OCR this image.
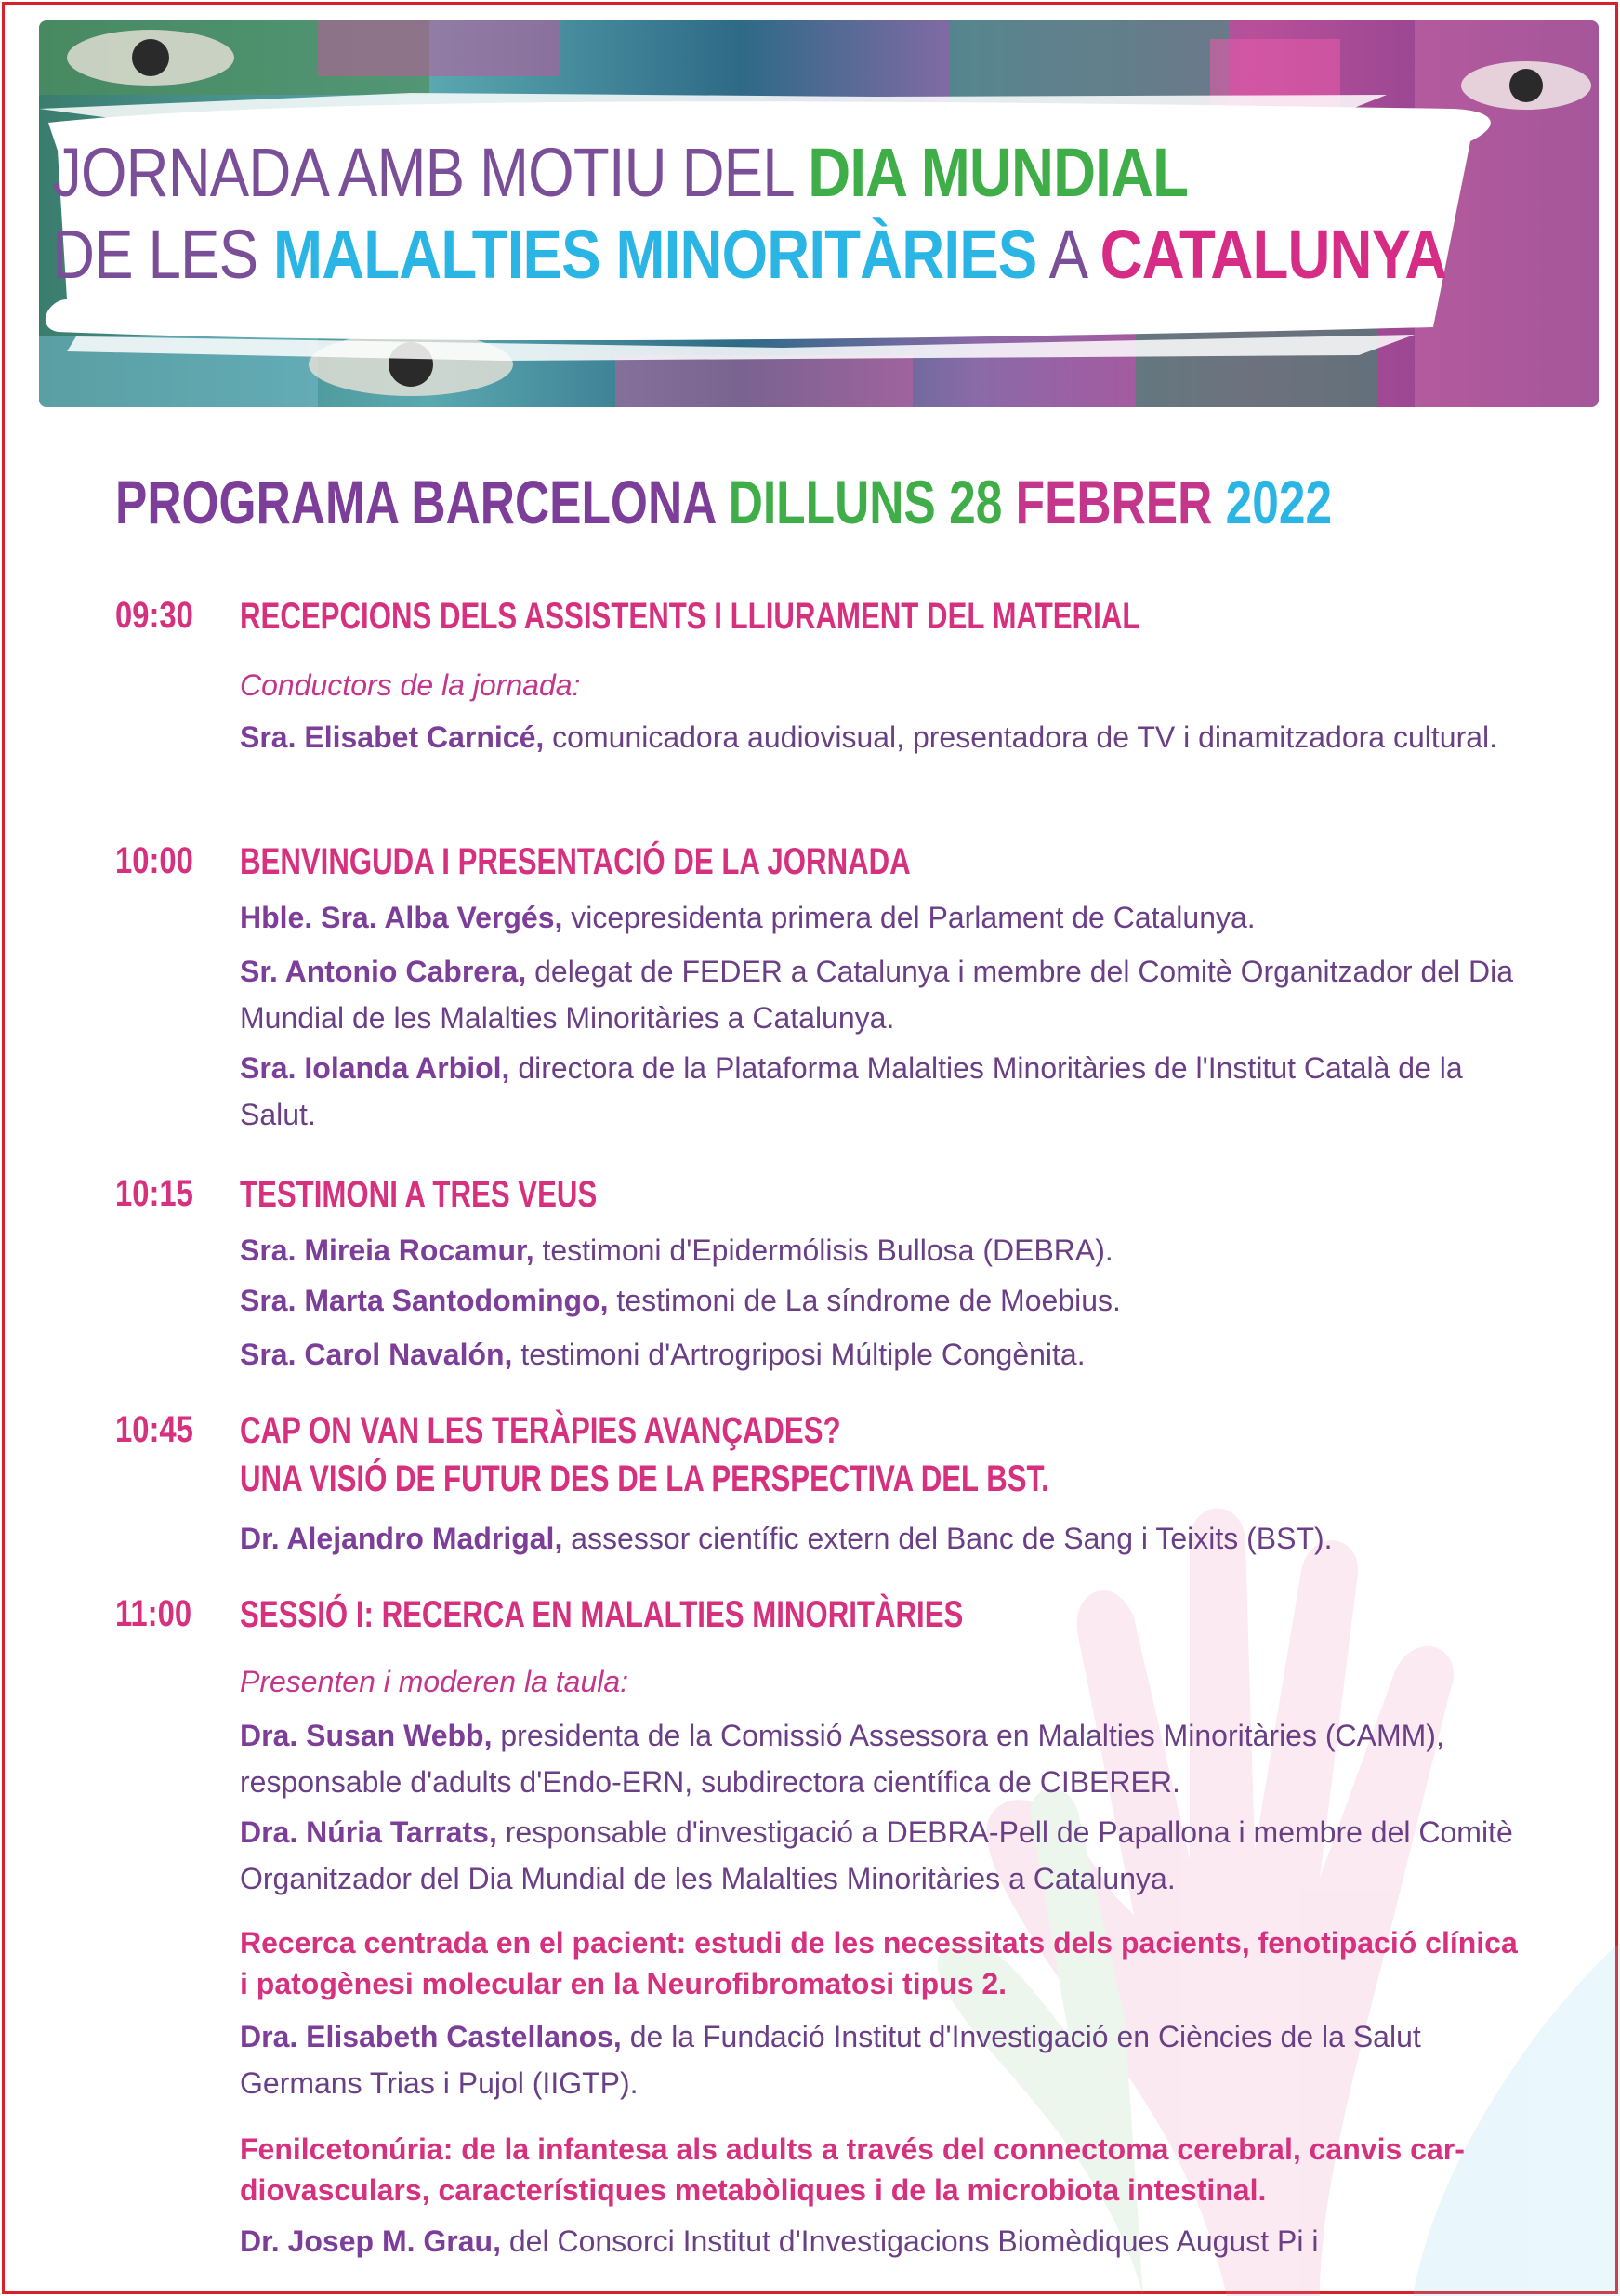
JORNADA AMB MOTIU DEL DIA MUNDIAL
DE LES MALALTIES MINORITÀRIES A CATALUNYA
PROGRAMA BARCELONA DILLUNS 28 FEBRER 2022
09:30 RECEPCIONS DELS ASSISTENTS I LLIURAMENT DEL MATERIAL
Conductors de la jornada:
Sra. Elisabet Carnicé, comunicadora audiovisual, presentadora de TV i dinamitzadora cultural.
10:00 BENVINGUDA I PRESENTACIÓ DE LA JORNADA
Hble. Sra. Alba Vergés, vicepresidenta primera del Parlament de Catalunya.
Sr. Antonio Cabrera, delegat de FEDER a Catalunya i membre del Comitè Organitzador del Dia Mundial de les Malalties Minoritàries a Catalunya.
Sra. Iolanda Arbiol, directora de la Plataforma Malalties Minoritàries de l'Institut Català de la Salut.
10:15 TESTIMONI A TRES VEUS
Sra. Mireia Rocamur, testimoni d'Epidermólisis Bullosa (DEBRA).
Sra. Marta Santodomingo, testimoni de La síndrome de Moebius.
Sra. Carol Navalón, testimoni d'Artrogriposi Múltiple Congènita.
10:45 CAP ON VAN LES TERÀPIES AVANÇADES?
UNA VISIÓ DE FUTUR DES DE LA PERSPECTIVA DEL BST.
Dr. Alejandro Madrigal, assessor científic extern del Banc de Sang i Teixits (BST).
11:00 SESSIÓ I: RECERCA EN MALALTIES MINORITÀRIES
Presenten i moderen la taula:
Dra. Susan Webb, presidenta de la Comissió Assessora en Malalties Minoritàries (CAMM), responsable d'adults d'Endo-ERN, subdirectora científica de CIBERER.
Dra. Núria Tarrats, responsable d'investigació a DEBRA-Pell de Papallona i membre del Comitè Organitzador del Dia Mundial de les Malalties Minoritàries a Catalunya.
Recerca centrada en el pacient: estudi de les necessitats dels pacients, fenotipació clínica i patogènesi molecular en la Neurofibromatosi tipus 2.
Dra. Elisabeth Castellanos, de la Fundació Institut d'Investigació en Ciències de la Salut Germans Trias i Pujol (IIGTP).
Fenilcetonúria: de la infantesa als adults a través del connectoma cerebral, canvis car-diovasculars, característiques metabòliques i de la microbiota intestinal.
Dr. Josep M. Grau, del Consorci Institut d'Investigacions Biomèdiques August Pi i
